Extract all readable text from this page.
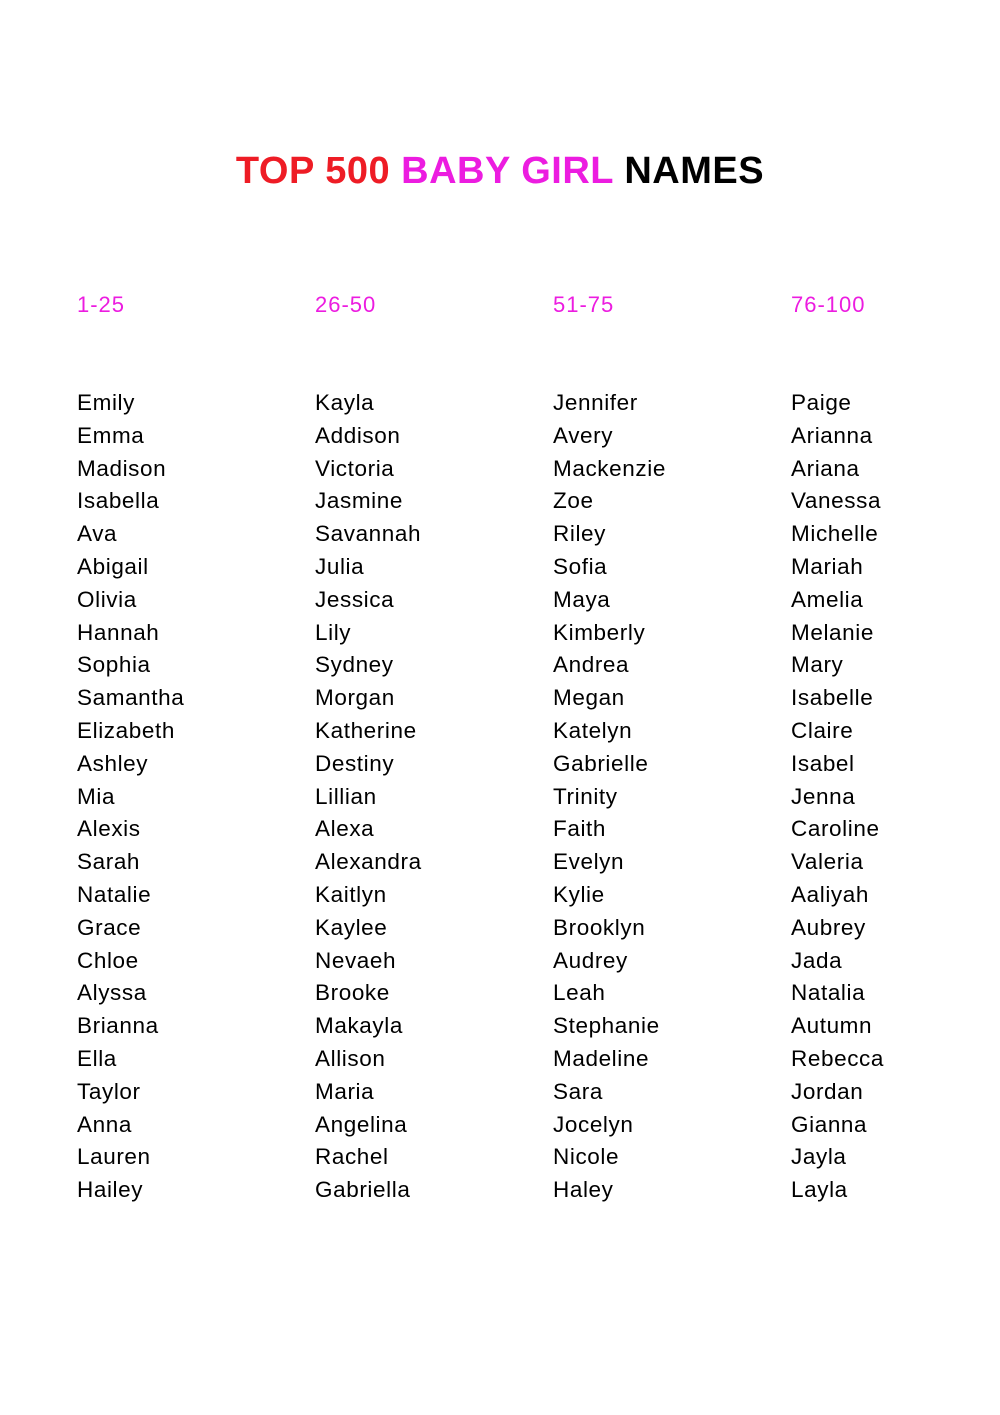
TOP 500 BABY GIRL NAMES
1-25
Emily
Emma
Madison
Isabella
Ava
Abigail
Olivia
Hannah
Sophia
Samantha
Elizabeth
Ashley
Mia
Alexis
Sarah
Natalie
Grace
Chloe
Alyssa
Brianna
Ella
Taylor
Anna
Lauren
Hailey
26-50
Kayla
Addison
Victoria
Jasmine
Savannah
Julia
Jessica
Lily
Sydney
Morgan
Katherine
Destiny
Lillian
Alexa
Alexandra
Kaitlyn
Kaylee
Nevaeh
Brooke
Makayla
Allison
Maria
Angelina
Rachel
Gabriella
51-75
Jennifer
Avery
Mackenzie
Zoe
Riley
Sofia
Maya
Kimberly
Andrea
Megan
Katelyn
Gabrielle
Trinity
Faith
Evelyn
Kylie
Brooklyn
Audrey
Leah
Stephanie
Madeline
Sara
Jocelyn
Nicole
Haley
76-100
Paige
Arianna
Ariana
Vanessa
Michelle
Mariah
Amelia
Melanie
Mary
Isabelle
Claire
Isabel
Jenna
Caroline
Valeria
Aaliyah
Aubrey
Jada
Natalia
Autumn
Rebecca
Jordan
Gianna
Jayla
Layla
